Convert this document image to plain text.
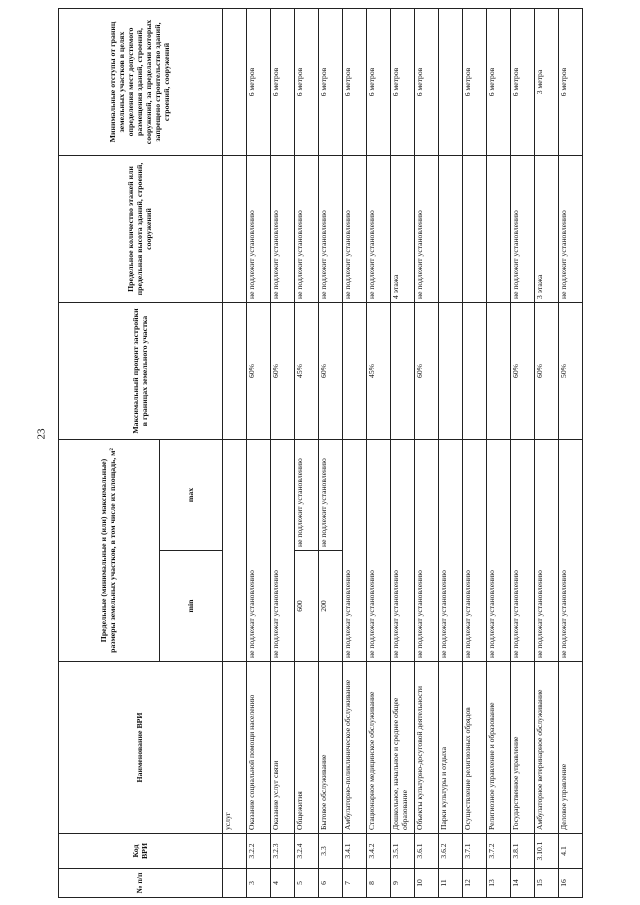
23
№ п/п	Код ВРИ	Наименование ВРИ	Предельные (минимальные и (или) максимальные) размеры земельных участков, в том числе их площадь, м²		Максимальный процент застройки в границах земельного участка	Предельное количество этажей или предельная высота зданий, строений, сооружений	Минимальные отступы от границ земельных участков в целях определения мест допустимого размещения зданий, строений, сооружений, за пределами которых запрещено строительство зданий, строений, сооружений
			min	max			
		услуг					
3	3.2.2	Оказание социальной помощи населению	не подлежат установлению		60%	не подлежит установлению	6 метров
4	3.2.3	Оказание услуг связи	не подлежат установлению		60%	не подлежит установлению	6 метров
5	3.2.4	Общежития	600	не подлежит установлению	45%	не подлежит установлению	6 метров
6	3.3	Бытовое обслуживание	200	не подлежит установлению	60%	не подлежит установлению	6 метров
7	3.4.1	Амбулаторно-поликлиническое обслуживание	не подлежат установлению			не подлежит установлению	6 метров
8	3.4.2	Стационарное медицинское обслуживание	не подлежат установлению		45%	не подлежит установлению	6 метров
9	3.5.1	Дошкольное, начальное и среднее общее образование	не подлежат установлению			4 этажа	6 метров
10	3.6.1	Объекты культурно-досуговой деятельности	не подлежат установлению		60%	не подлежит установлению	6 метров
11	3.6.2	Парки культуры и отдыха	не подлежат установлению				
12	3.7.1	Осуществление религиозных обрядов	не подлежат установлению				6 метров
13	3.7.2	Религиозное управление и образование	не подлежат установлению				6 метров
14	3.8.1	Государственное управление	не подлежат установлению		60%	не подлежит установлению	6 метров
15	3.10.1	Амбулаторное ветеринарное обслуживание	не подлежат установлению		60%	3 этажа	3 метра
16	4.1	Деловое управление	не подлежат установлению		50%	не подлежит установлению	6 метров
